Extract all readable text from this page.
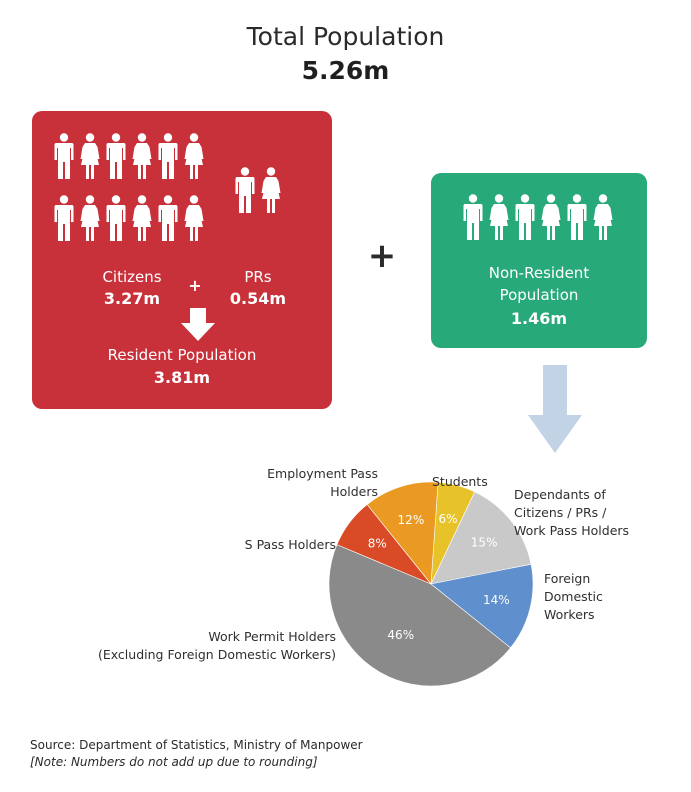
Total Population
5.26m
Citizens
3.27m
+	PRs
0.54m
Resident Population
3.81m
+	Non-Resident
Population
1.46m
6%
15%
14%
46%
8%
12%
Employment Pass
Holders
Students
Dependants of
Citizens / PRs /
Work Pass Holders
S Pass Holders
Foreign
Domestic
Workers
Work Permit Holders
(Excluding Foreign Domestic Workers)
Source: Department of Statistics, Ministry of Manpower
[Note: Numbers do not add up due to rounding]
